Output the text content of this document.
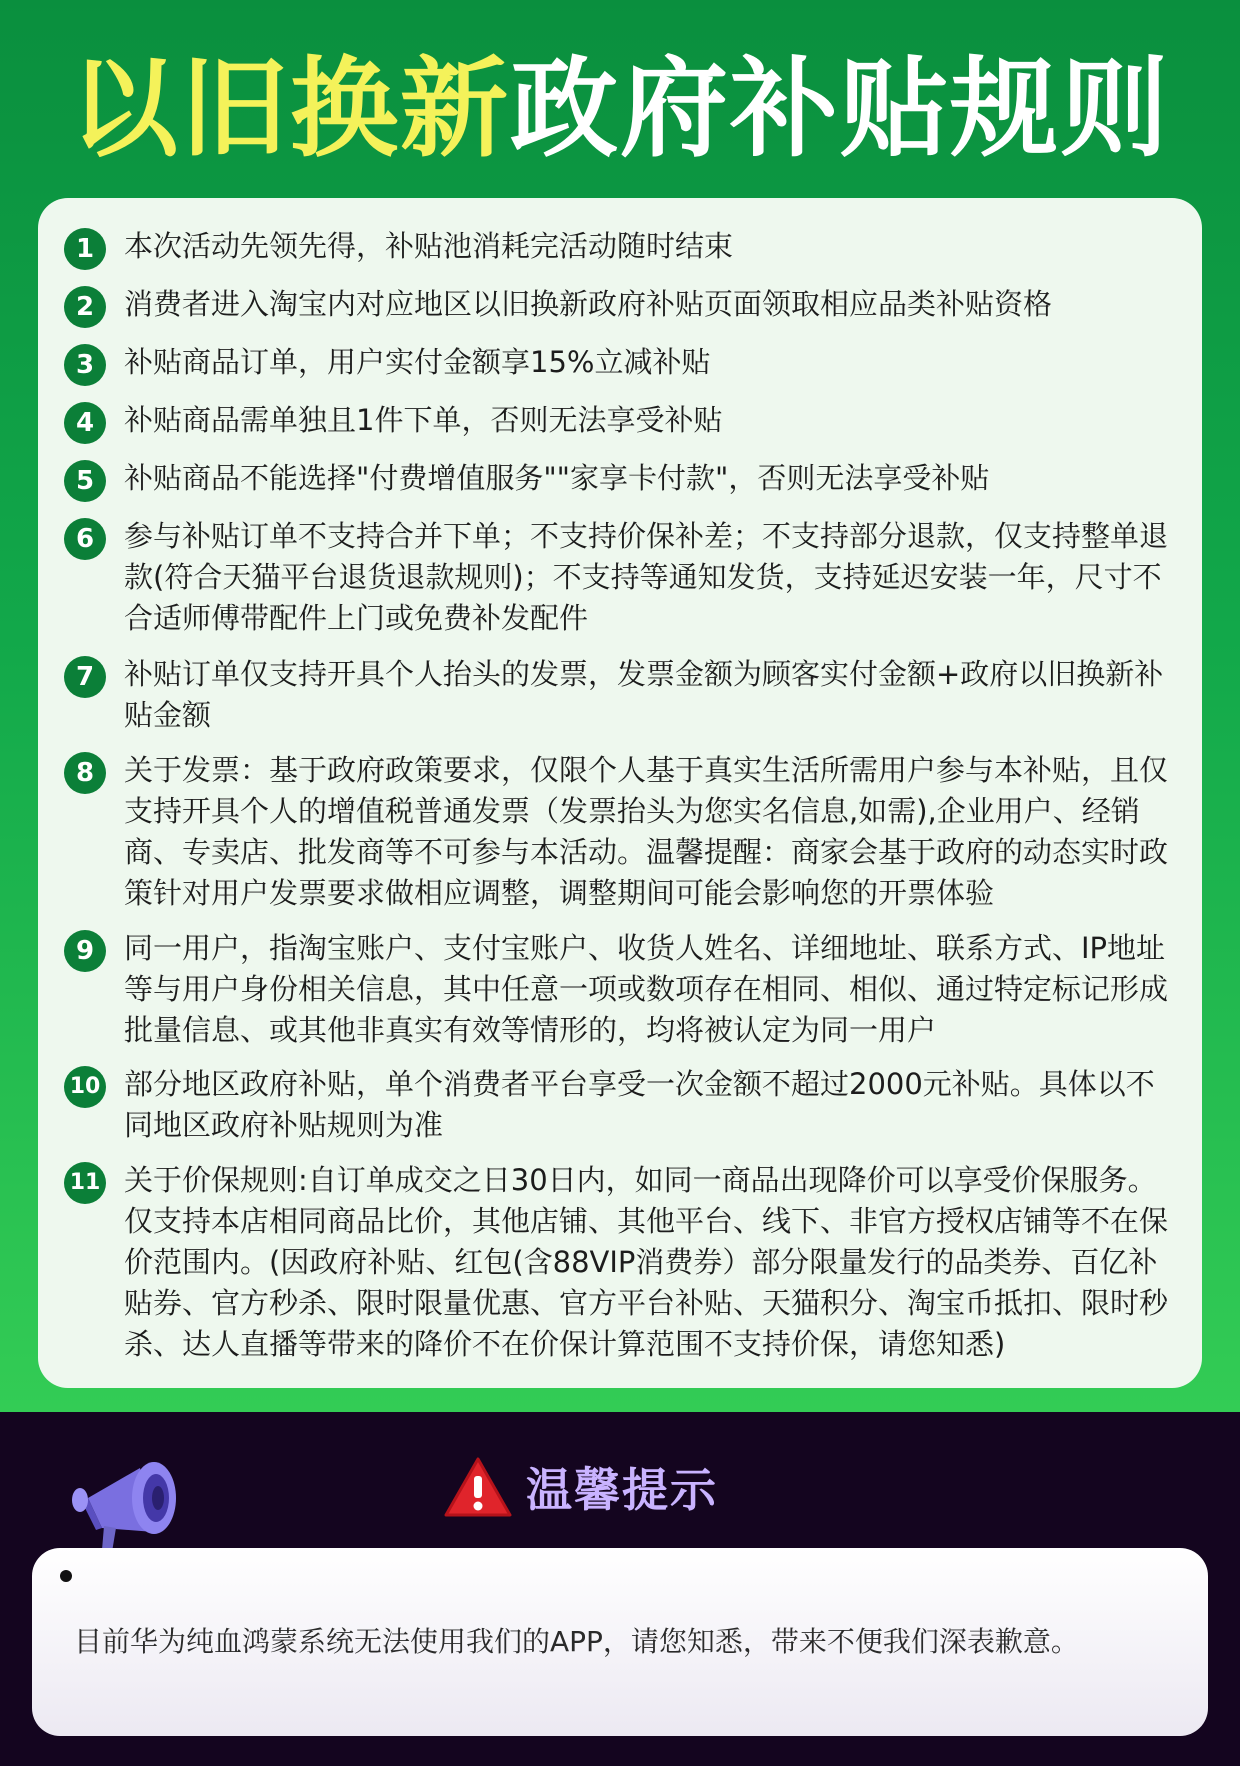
以旧换新政府补贴规则
1	本次活动先领先得，补贴池消耗完活动随时结束
2	消费者进入淘宝内对应地区以旧换新政府补贴页面领取相应品类补贴资格
3	补贴商品订单，用户实付金额享15%立减补贴
4	补贴商品需单独且1件下单，否则无法享受补贴
5	补贴商品不能选择"付费增值服务""家享卡付款"，否则无法享受补贴
6	参与补贴订单不支持合并下单；不支持价保补差；不支持部分退款，仅支持整单退款(符合天猫平台退货退款规则)；不支持等通知发货，支持延迟安装一年，尺寸不合适师傅带配件上门或免费补发配件
7	补贴订单仅支持开具个人抬头的发票，发票金额为顾客实付金额+政府以旧换新补贴金额
8	关于发票：基于政府政策要求，仅限个人基于真实生活所需用户参与本补贴，且仅支持开具个人的增值税普通发票（发票抬头为您实名信息,如需),企业用户、经销商、专卖店、批发商等不可参与本活动。温馨提醒：商家会基于政府的动态实时政策针对用户发票要求做相应调整，调整期间可能会影响您的开票体验
9	同一用户，指淘宝账户、支付宝账户、收货人姓名、详细地址、联系方式、IP地址等与用户身份相关信息，其中任意一项或数项存在相同、相似、通过特定标记形成批量信息、或其他非真实有效等情形的，均将被认定为同一用户
10 部分地区政府补贴，单个消费者平台享受一次金额不超过2000元补贴。具体以不同地区政府补贴规则为准
11 关于价保规则:自订单成交之日30日内，如同一商品出现降价可以享受价保服务。仅支持本店相同商品比价，其他店铺、其他平台、线下、非官方授权店铺等不在保价范围内。(因政府补贴、红包(含88VIP消费券）部分限量发行的品类券、百亿补贴券、官方秒杀、限时限量优惠、官方平台补贴、天猫积分、淘宝币抵扣、限时秒杀、达人直播等带来的降价不在价保计算范围不支持价保，请您知悉)
温馨提示
目前华为纯血鸿蒙系统无法使用我们的APP，请您知悉，带来不便我们深表歉意。
